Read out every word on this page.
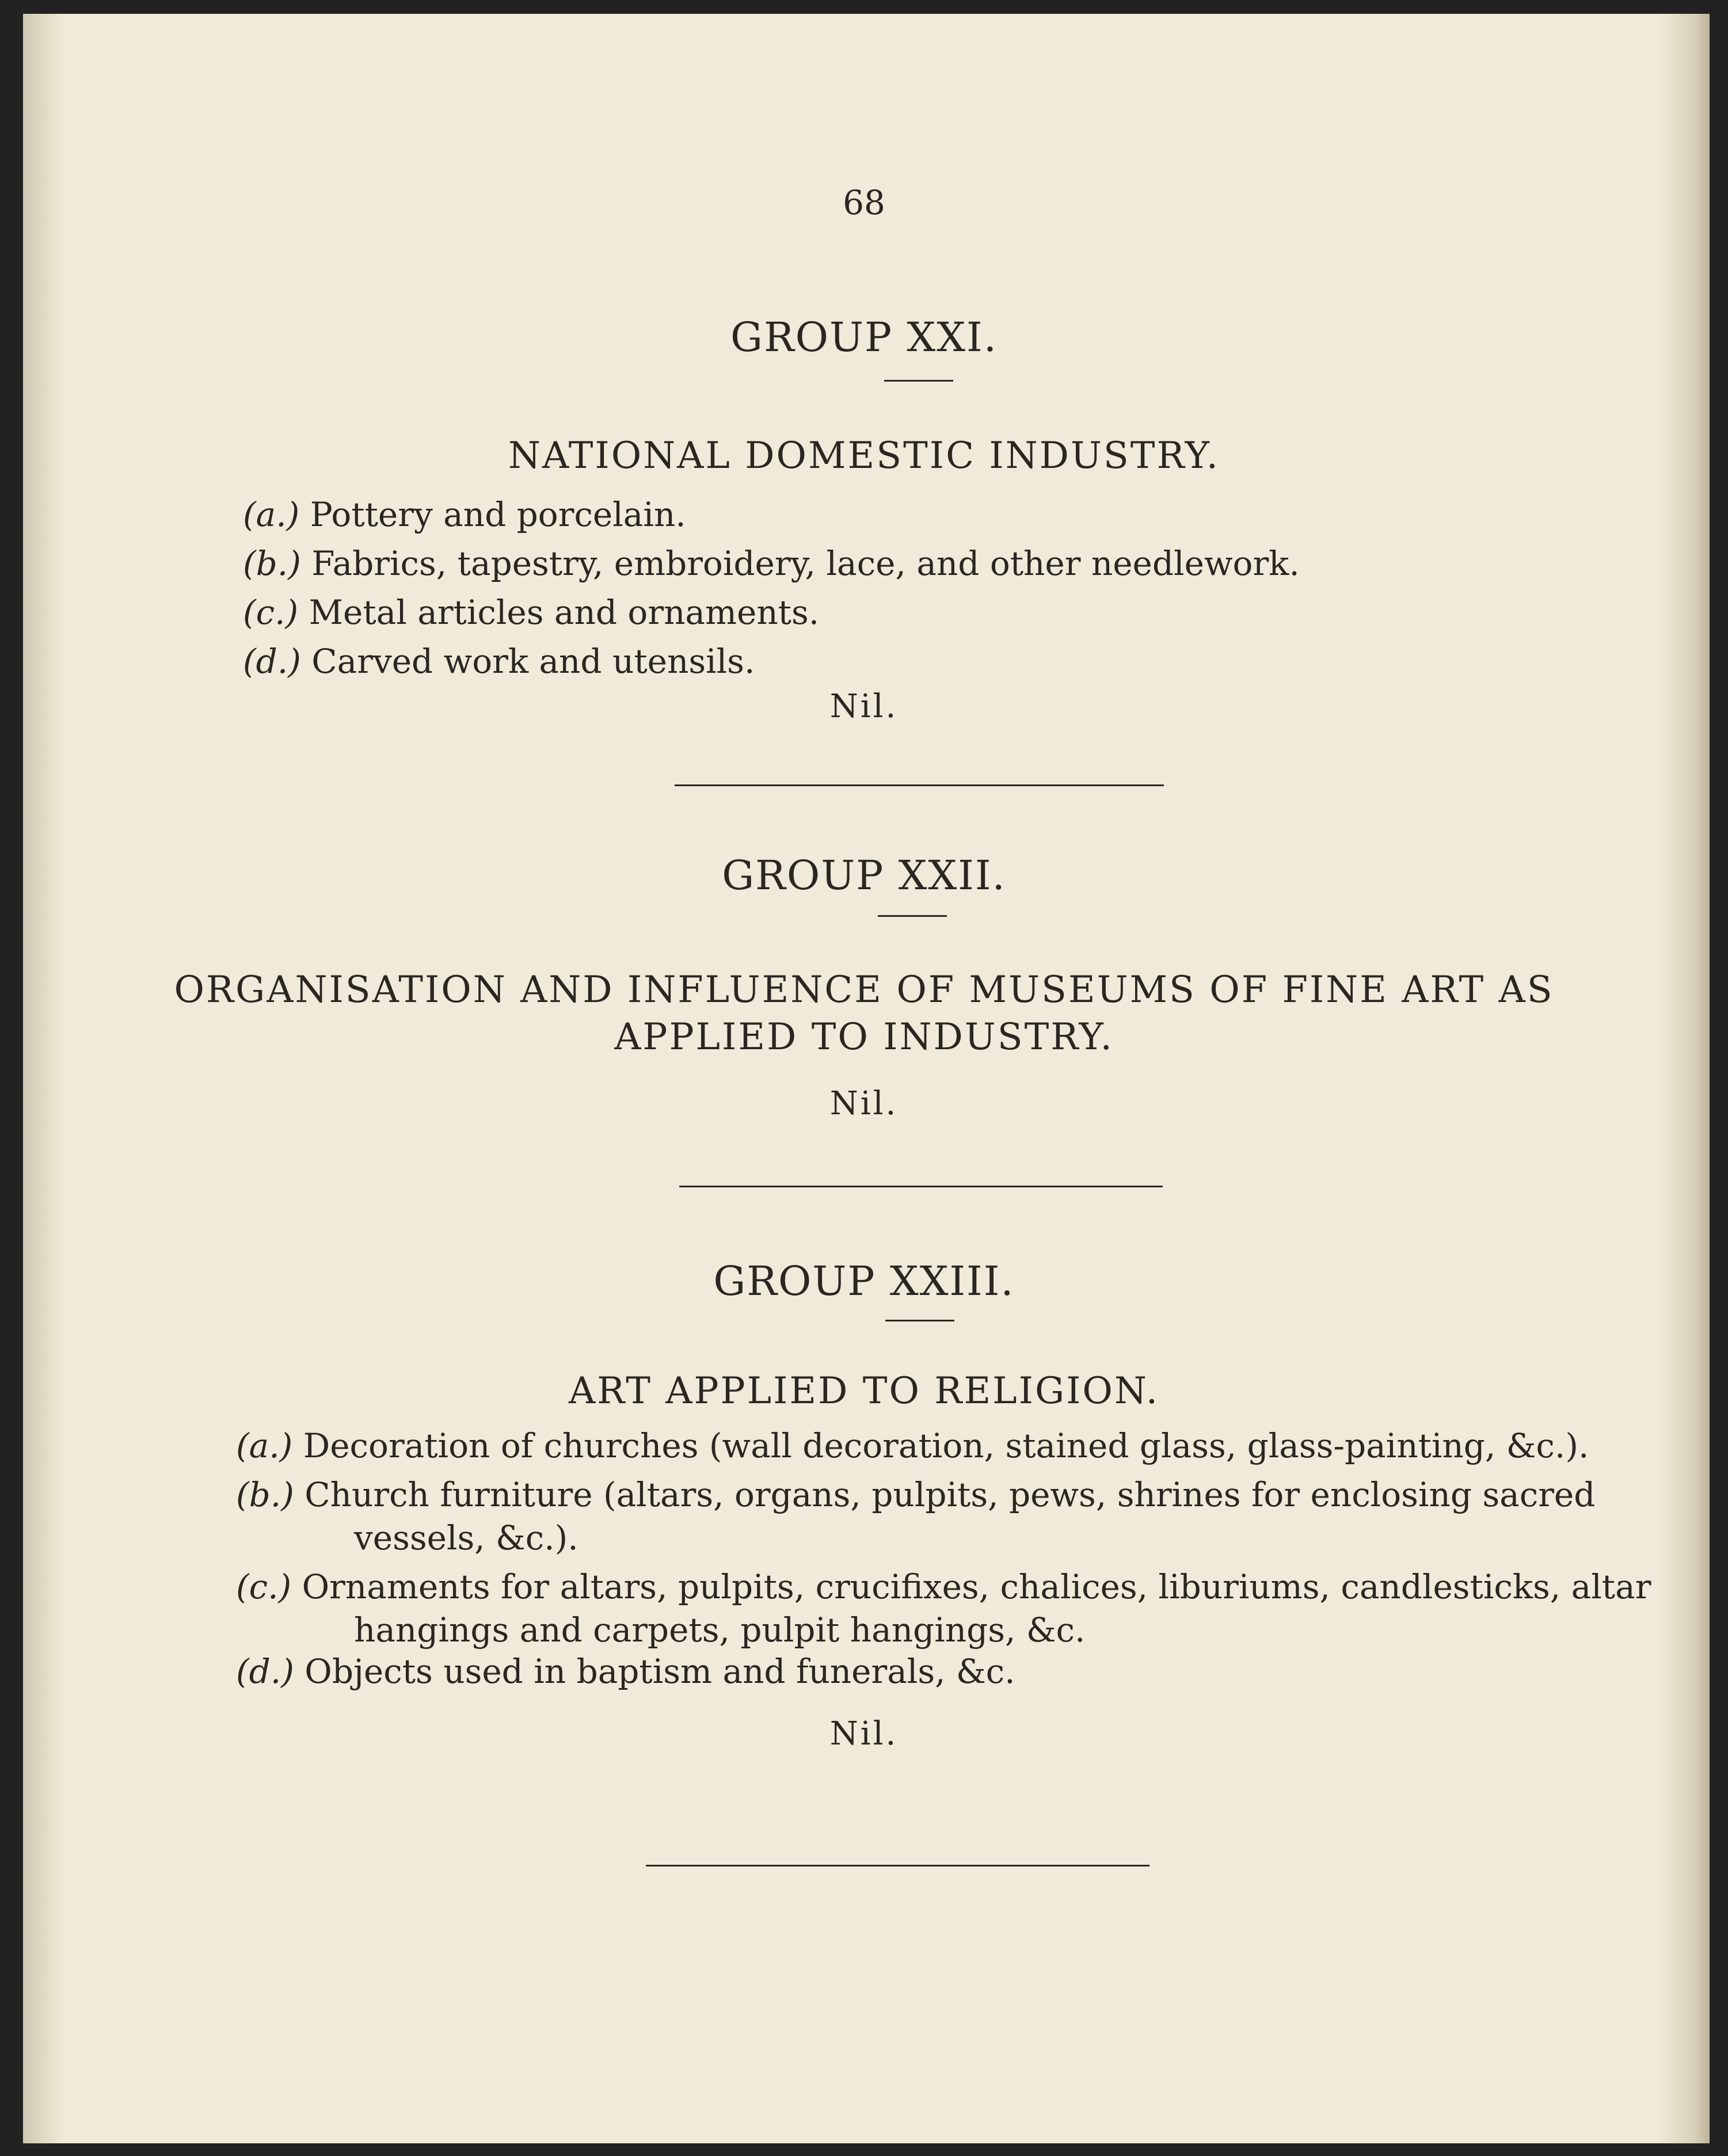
68
GROUP XXI.
NATIONAL DOMESTIC INDUSTRY.
(a.) Pottery and porcelain.
(b.) Fabrics, tapestry, embroidery, lace, and other needlework.
(c.) Metal articles and ornaments.
(d.) Carved work and utensils.
Nil.
GROUP XXII.
ORGANISATION AND INFLUENCE OF MUSEUMS OF FINE ART AS
APPLIED TO INDUSTRY.
Nil.
GROUP XXIII.
ART APPLIED TO RELIGION.
(a.) Decoration of churches (wall decoration, stained glass, glass-painting, &c.).
(b.) Church furniture (altars, organs, pulpits, pews, shrines for enclosing sacred
vessels, &c.).
(c.) Ornaments for altars, pulpits, crucifixes, chalices, liburiums, candlesticks, altar
hangings and carpets, pulpit hangings, &c.
(d.) Objects used in baptism and funerals, &c.
Nil.
